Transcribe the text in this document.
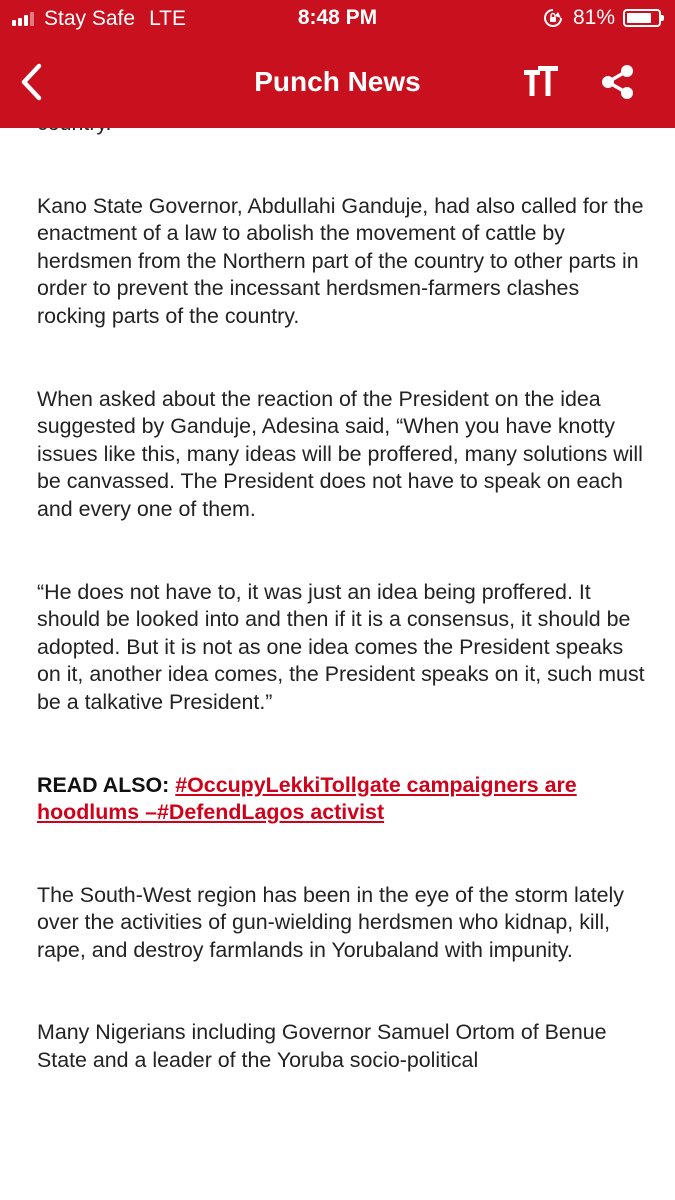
Kano State Governor, Abdullahi Ganduje, had also called for the enactment of a law to abolish the movement of cattle by herdsmen from the Northern part of the country to other parts in order to prevent the incessant herdsmen-farmers clashes rocking parts of the country.

When asked about the reaction of the President on the idea suggested by Ganduje, Adesina said, “When you have knotty issues like this, many ideas will be proffered, many solutions will be canvassed. The President does not have to speak on each and every one of them.

“He does not have to, it was just an idea being proffered. It should be looked into and then if it is a consensus, it should be adopted. But it is not as one idea comes the President speaks on it, another idea comes, the President speaks on it, such must be a talkative President.”

READ ALSO: #OccupyLekkiTollgate campaigners are hoodlums –#DefendLagos activist

The South-West region has been in the eye of the storm lately over the activities of gun-wielding herdsmen who kidnap, kill, rape, and destroy farmlands in Yorubaland with impunity.

Many Nigerians including Governor Samuel Ortom of Benue State and a leader of the Yoruba socio-political

Stay Safe LTE	8:48 PM	81%
Punch News
